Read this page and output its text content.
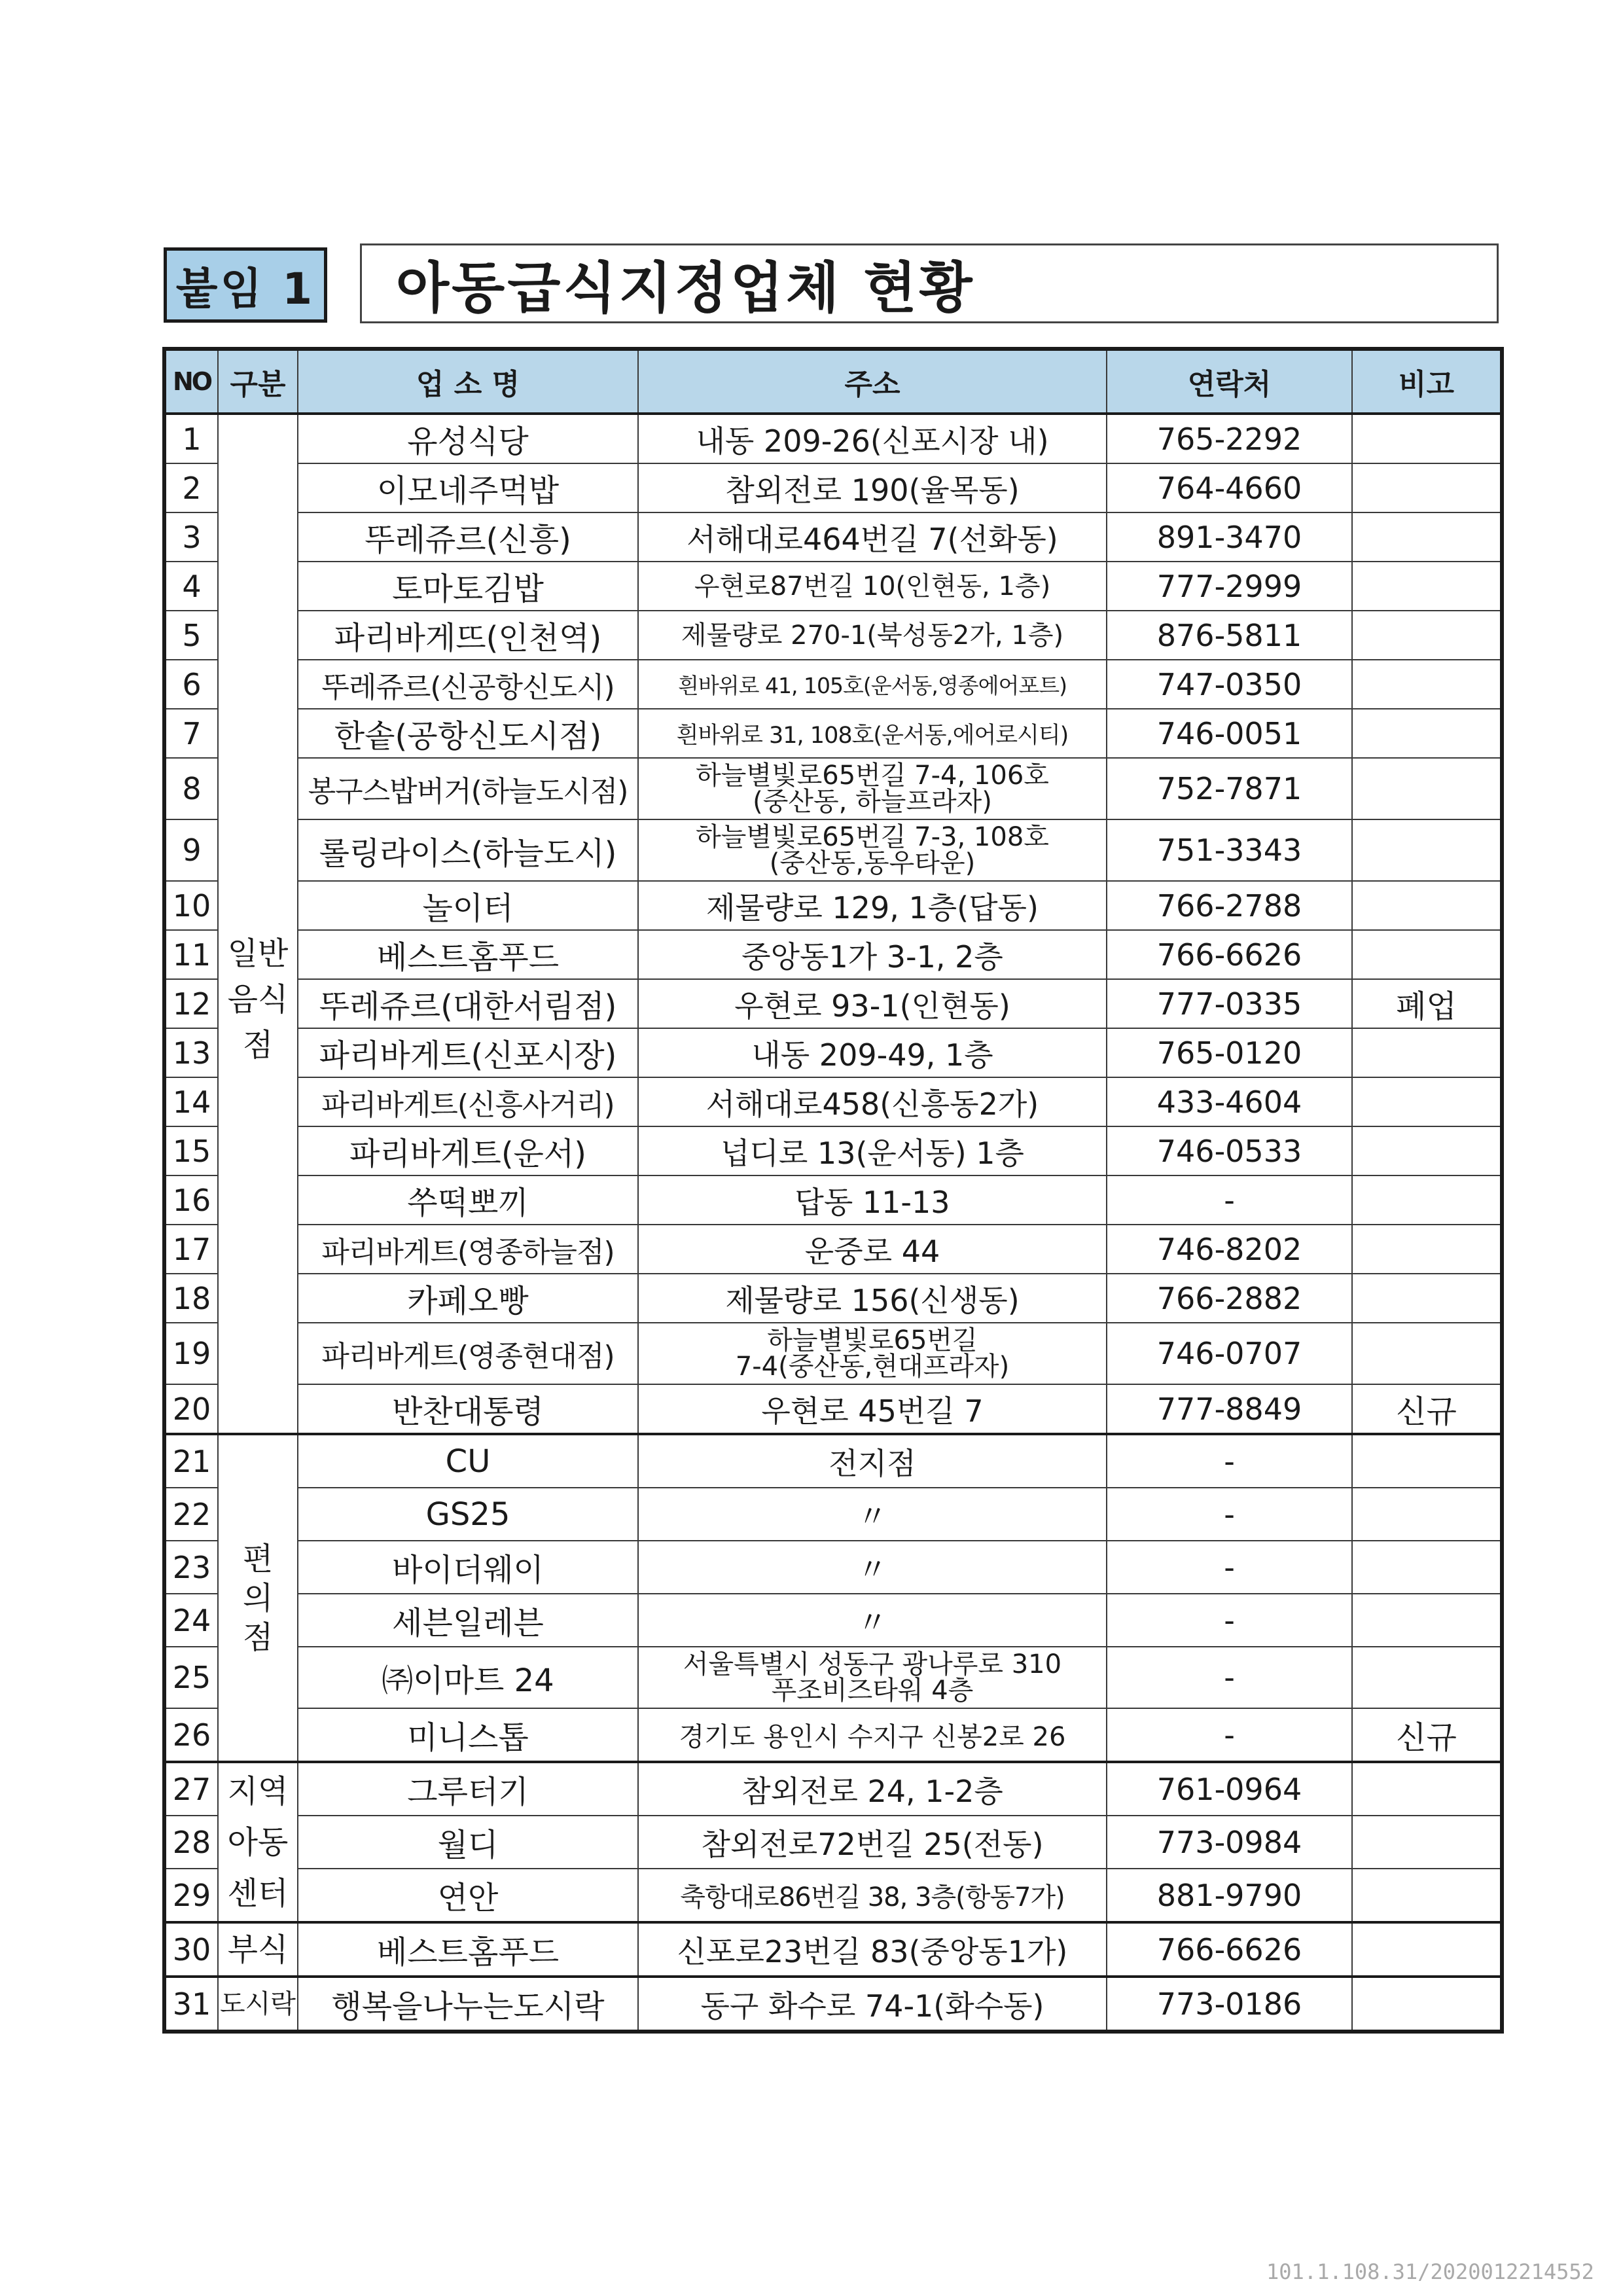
붙임 1	아동급식지정업체 현황
NO	구분	업 소 명	주소	연락처	비고
1	일반
음식
점	유성식당	내동 209-26(신포시장 내)	765-2292	
2		이모네주먹밥	참외전로 190(율목동)	764-4660	
3		뚜레쥬르(신흥)	서해대로464번길 7(선화동)	891-3470	
4		토마토김밥	우현로87번길 10(인현동, 1층)	777-2999	
5		파리바게뜨(인천역)	제물량로 270-1(북성동2가, 1층)	876-5811	
6		뚜레쥬르(신공항신도시)	흰바위로 41, 105호(운서동,영종에어포트)	747-0350	
7		한솥(공항신도시점)	흰바위로 31, 108호(운서동,에어로시티)	746-0051	
8		봉구스밥버거(하늘도시점)	하늘별빛로65번길 7-4, 106호
(중산동, 하늘프라자)	752-7871	
9		롤링라이스(하늘도시)	하늘별빛로65번길 7-3, 108호
(중산동,동우타운)	751-3343	
10		놀이터	제물량로 129, 1층(답동)	766-2788	
11		베스트홈푸드	중앙동1가 3-1, 2층	766-6626	
12		뚜레쥬르(대한서림점)	우현로 93-1(인현동)	777-0335	폐업
13		파리바게트(신포시장)	내동 209-49, 1층	765-0120	
14		파리바게트(신흥사거리)	서해대로458(신흥동2가)	433-4604	
15		파리바게트(운서)	넙디로 13(운서동) 1층	746-0533	
16		쑤떡뽀끼	답동 11-13	-	
17		파리바게트(영종하늘점)	운중로 44	746-8202	
18		카페오빵	제물량로 156(신생동)	766-2882	
19		파리바게트(영종현대점)	하늘별빛로65번길
7-4(중산동,현대프라자)	746-0707	
20		반찬대통령	우현로 45번길 7	777-8849	신규
21	편
의
점	CU	전지점	-	
22		GS25	〃	-	
23		바이더웨이	〃	-	
24		세븐일레븐	〃	-	
25		㈜이마트 24	서울특별시 성동구 광나루로 310
푸조비즈타워 4층	-	
26		미니스톱	경기도 용인시 수지구 신봉2로 26	-	신규
27	지역
아동
센터	그루터기	참외전로 24, 1-2층	761-0964	
28		월디	참외전로72번길 25(전동)	773-0984	
29		연안	축항대로86번길 38, 3층(항동7가)	881-9790	
30	부식	베스트홈푸드	신포로23번길 83(중앙동1가)	766-6626	
31	도시락	행복을나누는도시락	동구 화수로 74-1(화수동)	773-0186	
101.1.108.31/2020012214552
